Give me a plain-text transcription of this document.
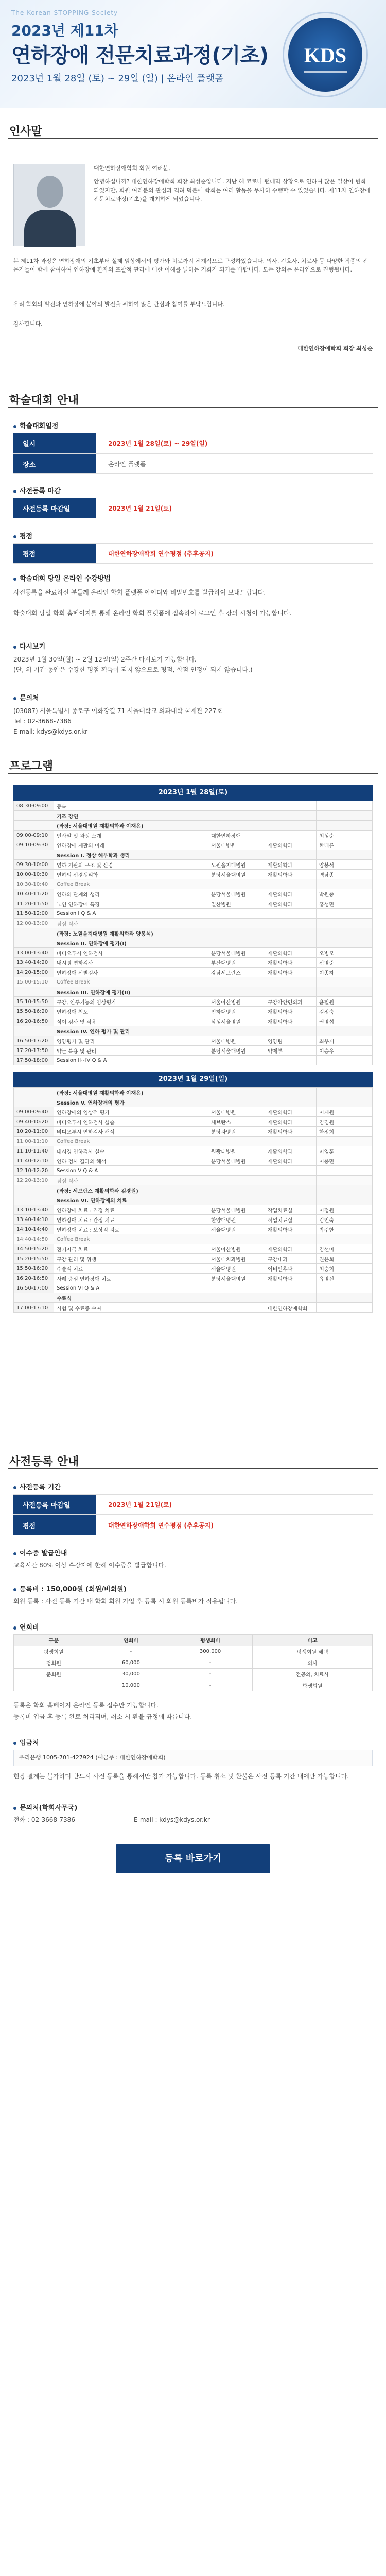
The Korean STOPPING Society
2023년 제11차
연하장애 전문치료과정(기초)
2023년 1월 28일 (토) ~ 29일 (일) | 온라인 플랫폼
KDS
인사말
대한연하장애학회 회원 여러분,
안녕하십니까? 대한연하장애학회 회장 최성순입니다. 지난 해 코로나 팬데믹 상황으로 인하여 많은 일상이 변화되었지만, 회원 여러분의 관심과 격려 덕분에 학회는 여러 활동을 무사히 수행할 수 있었습니다. 제11차 연하장애 전문치료과정(기초)을 개최하게 되었습니다.
본 제11차 과정은 연하장애의 기초부터 실제 임상에서의 평가와 치료까지 체계적으로 구성하였습니다. 의사, 간호사, 치료사 등 다양한 직종의 전문가들이 함께 참여하여 연하장애 환자의 포괄적 관리에 대한 이해를 넓히는 기회가 되기를 바랍니다. 모든 강의는 온라인으로 진행됩니다.
우리 학회의 발전과 연하장애 분야의 발전을 위하여 많은 관심과 참여를 부탁드립니다.
감사합니다.
대한연하장애학회 회장 최성순
학술대회 안내
학술대회일정
일시	2023년 1월 28일(토) ~ 29일(일)
장소	온라인 플랫폼
사전등록 마감
사전등록 마감일	2023년 1월 21일(토)
평점
평점	대한연하장애학회 연수평점 (추후공지)
학술대회 당일 온라인 수강방법
사전등록을 완료하신 분들께 온라인 학회 플랫폼 아이디와 비밀번호를 발급하여 보내드립니다.
학술대회 당일 학회 홈페이지를 통해 온라인 학회 플랫폼에 접속하여 로그인 후 강의 시청이 가능합니다.
다시보기
2023년 1월 30일(월) ~ 2월 12일(일) 2주간 다시보기 가능합니다.
(단, 위 기간 동안은 수강한 평점 획득이 되지 않으므로 평점, 학점 인정이 되지 않습니다.)
문의처
(03087) 서울특별시 종로구 이화장길 71 서울대학교 의과대학 국제관 227호
Tel : 02-3668-7386
E-mail: kdys@kdys.or.kr
프로그램
2023년 1월 28일(토)
08:30-09:00	등록			
	기조 강연			
	(좌장: 서울대병원 재활의학과 이재은)			
09:00-09:10	인사말 및 과정 소개	대한연하장애		최성순
09:10-09:30	연하장애 재활의 미래	서울대병원	재활의학과	한태륜
	Session I. 정상 해부학과 생리			
09:30-10:00	연하 기관의 구조 및 신경	노원을지대병원	재활의학과	양봉석
10:00-10:30	연하의 신경생리학	분당서울대병원	재활의학과	백남종
10:30-10:40	Coffee Break			
10:40-11:20	연하의 단계와 생리	분당서울대병원	재활의학과	박원종
11:20-11:50	노인 연하장애 특징	일산병원	재활의학과	홍성민
11:50-12:00	Session I Q & A			
12:00-13:00	점심 식사			
	(좌장: 노원을지대병원 재활의학과 양봉석)			
	Session II. 연하장애 평가(I)			
13:00-13:40	비디오투시 연하검사	분당서울대병원	재활의학과	오병모
13:40-14:20	내시경 연하검사	부산대병원	재활의학과	신명준
14:20-15:00	연하장애 선별검사	강남세브란스	재활의학과	이종하
15:00-15:10	Coffee Break			
	Session III. 연하장애 평가(II)			
15:10-15:50	구강, 인두기능의 임상평가	서울아산병원	구강악안면외과	윤필원
15:50-16:20	연하장애 척도	인하대병원	재활의학과	김정숙
16:20-16:50	식이 검사 및 적용	삼성서울병원	재활의학과	권병섭
	Session IV. 연하 평가 및 관리			
16:50-17:20	영양평가 및 관리	서울대병원	영양팀	최우재
17:20-17:50	약물 복용 및 관리	분당서울대병원	약제부	이승우
17:50-18:00	Session II~IV Q & A			
2023년 1월 29일(일)
	(좌장: 서울대병원 재활의학과 이재은)			
	Session V. 연하장애의 평가			
09:00-09:40	연하장애의 임상적 평가	서울대병원	재활의학과	이재원
09:40-10:20	비디오투시 연하검사 실습	세브란스	재활의학과	김경원
10:20-11:00	비디오투시 연하검사 해석	분당차병원	재활의학과	한정희
11:00-11:10	Coffee Break			
11:10-11:40	내시경 연하검사 실습	원광대병원	재활의학과	이영훈
11:40-12:10	연하 검사 결과의 해석	분당서울대병원	재활의학과	이종민
12:10-12:20	Session V Q & A			
12:20-13:10	점심 식사			
	(좌장: 세브란스 재활의학과 김경원)			
	Session VI. 연하장애의 치료			
13:10-13:40	연하장애 치료 : 직접 치료	분당서울대병원	작업치료실	이정원
13:40-14:10	연하장애 치료 : 간접 치료	한양대병원	작업치료실	김인숙
14:10-14:40	연하장애 치료 : 보상적 치료	서울대병원	재활의학과	박주한
14:40-14:50	Coffee Break			
14:50-15:20	전기자극 치료	서울아산병원	재활의학과	김선미
15:20-15:50	구강 관리 및 위생	서울대치과병원	구강내과	권은희
15:50-16:20	수술적 치료	서울대병원	이비인후과	최승희
16:20-16:50	사례 중심 연하장애 치료	분당서울대병원	재활의학과	유병선
16:50-17:00	Session VI Q & A			
	수료식			
17:00-17:10	시험 및 수료증 수여		대한연하장애학회	
사전등록 안내
사전등록 기간
사전등록 마감일	2023년 1월 21일(토)
평점	대한연하장애학회 연수평점 (추후공지)
이수증 발급안내
교육시간 80% 이상 수강자에 한해 이수증을 발급합니다.
등록비 : 150,000원 (회원/비회원)
회원 등록 : 사전 등록 기간 내 학회 회원 가입 후 등록 시 회원 등록비가 적용됩니다.
연회비
구분	연회비	평생회비	비고
평생회원	-	300,000	평생회원 혜택
정회원	60,000	-	의사
준회원	30,000	-	전공의, 치료사
	10,000	-	학생회원
등록은 학회 홈페이지 온라인 등록 접수만 가능합니다.
등록비 입금 후 등록 완료 처리되며, 취소 시 환불 규정에 따릅니다.
입금처
우리은행 1005-701-427924 (예금주 : 대한연하장애학회)
현장 결제는 불가하며 반드시 사전 등록을 통해서만 참가 가능합니다. 등록 취소 및 환불은 사전 등록 기간 내에만 가능합니다.
문의처(학회사무국)
전화 : 02-3668-7386	E-mail : kdys@kdys.or.kr
등록 바로가기
